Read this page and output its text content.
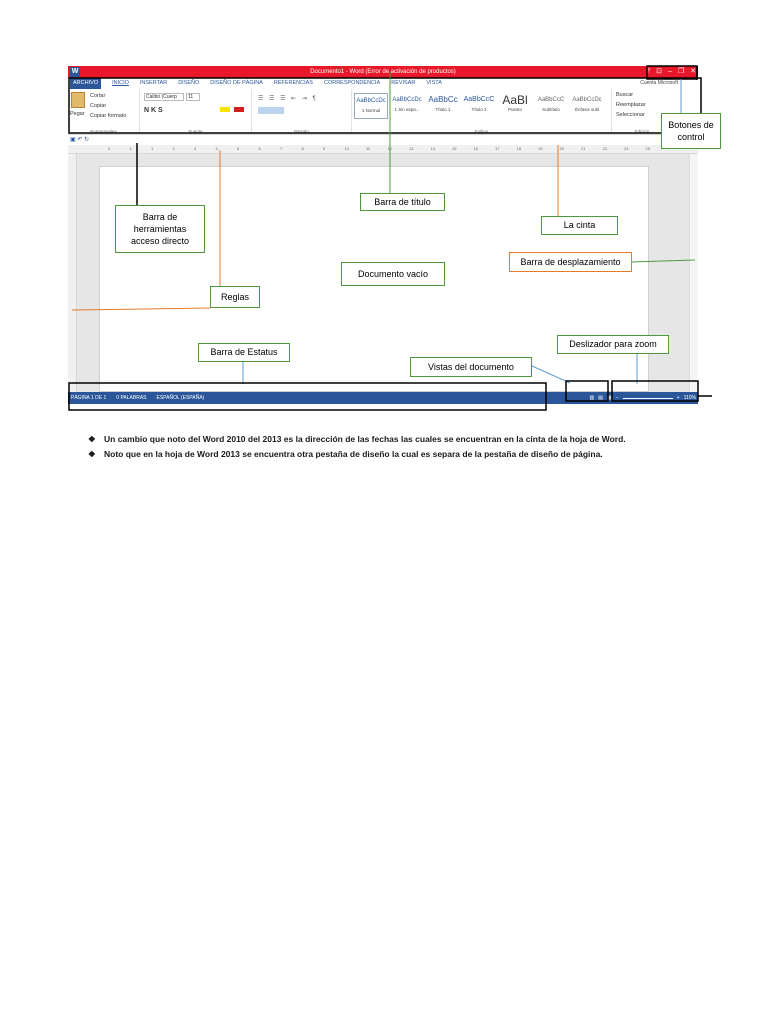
W	Documento1 - Word (Error de activación de productos)	? ⊡ – ❐ ✕
ARCHIVO	INICIO INSERTAR DISEÑO DISEÑO DE PÁGINA REFERENCIAS CORRESPONDENCIA REVISAR VISTA	Cuenta Microsoft
Pegar
Cortar
Copiar
Copiar formato
Portapapeles
Calibri (Cuerp	11
N K S
Fuente
☰ ☰ ☰ ⇤ ⇥ ¶
Párrafo
AaBbCcDc
1 Normal
AaBbCcDc
1 Sin espa...
AaBbCc
Título 1
AaBbCcC
Título 2
AaBl
Puesto
AaBbCcC
Subtítulo
AaBbCcDc
Énfasis sutil
Estilos
Buscar
Reemplazar
Seleccionar
Edición
▣ ↶ ↻
2	1	1	2	3	4	5	6	7	8	9	10	11	12	13	14	15	16	17	18	19	20	21	22	24	25
PÁGINA 1 DE 1 0 PALABRAS ESPAÑOL (ESPAÑA)	▥ ▤ ▦ −	+ 110%
Botones de control
Barra de herramientas acceso directo
Barra de título
La cinta
Barra de desplazamiento
Documento vacío
Reglas
Deslizador para zoom
Barra de Estatus
Vistas del documento
❖ Un cambio que noto del Word 2010 del 2013 es la dirección de las fechas las cuales se encuentran en la cinta de la hoja de Word.
❖ Noto que en la hoja de Word 2013 se encuentra otra pestaña de diseño la cual es separa de la pestaña de diseño de página.
